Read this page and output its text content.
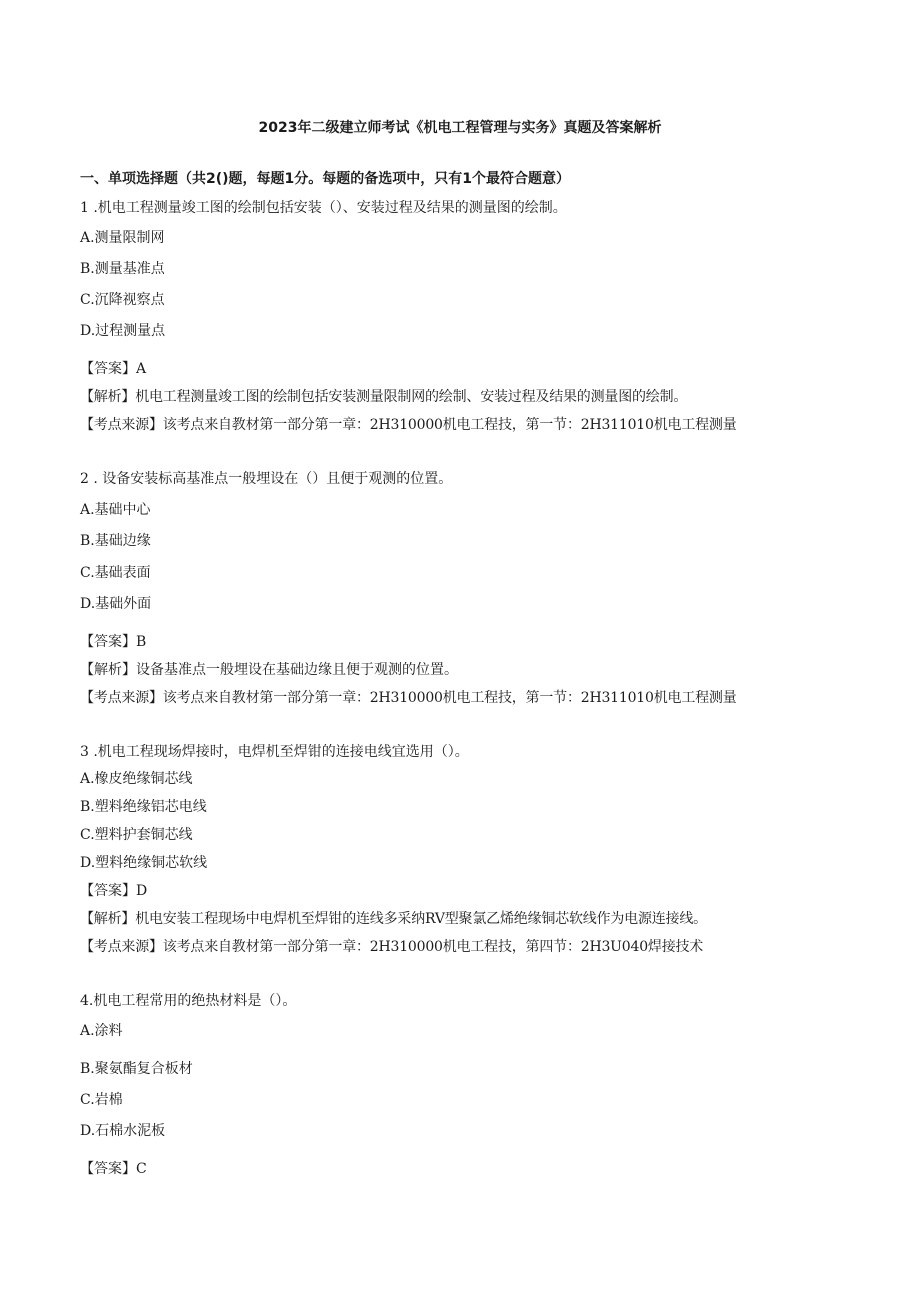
2023年二级建立师考试《机电工程管理与实务》真题及答案解析
一、单项选择题（共2()题，每题1分。每题的备选项中，只有1个最符合题意）
1 .机电工程测量竣工图的绘制包括安装（）、安装过程及结果的测量图的绘制。
A.测量限制网
B.测量基准点
C.沉降视察点
D.过程测量点
【答案】A
【解析】机电工程测量竣工图的绘制包括安装测量限制网的绘制、安装过程及结果的测量图的绘制。
【考点来源】该考点来自教材第一部分第一章：2H310000机电工程技，第一节：2H311010机电工程测量
2 . 设备安装标高基准点一般埋设在（）且便于观测的位置。
A.基础中心
B.基础边缘
C.基础表面
D.基础外面
【答案】B
【解析】设备基准点一般埋设在基础边缘且便于观测的位置。
【考点来源】该考点来自教材第一部分第一章：2H310000机电工程技，第一节：2H311010机电工程测量
3 .机电工程现场焊接时，电焊机至焊钳的连接电线宜选用（）。
A.橡皮绝缘铜芯线
B.塑料绝缘铝芯电线
C.塑料护套铜芯线
D.塑料绝缘铜芯软线
【答案】D
【解析】机电安装工程现场中电焊机至焊钳的连线多采纳RV型聚氯乙烯绝缘铜芯软线作为电源连接线。
【考点来源】该考点来自教材第一部分第一章：2H310000机电工程技，第四节：2H3U040焊接技术
4.机电工程常用的绝热材料是（）。
A.涂料
B.聚氨酯复合板材
C.岩棉
D.石棉水泥板
【答案】C
